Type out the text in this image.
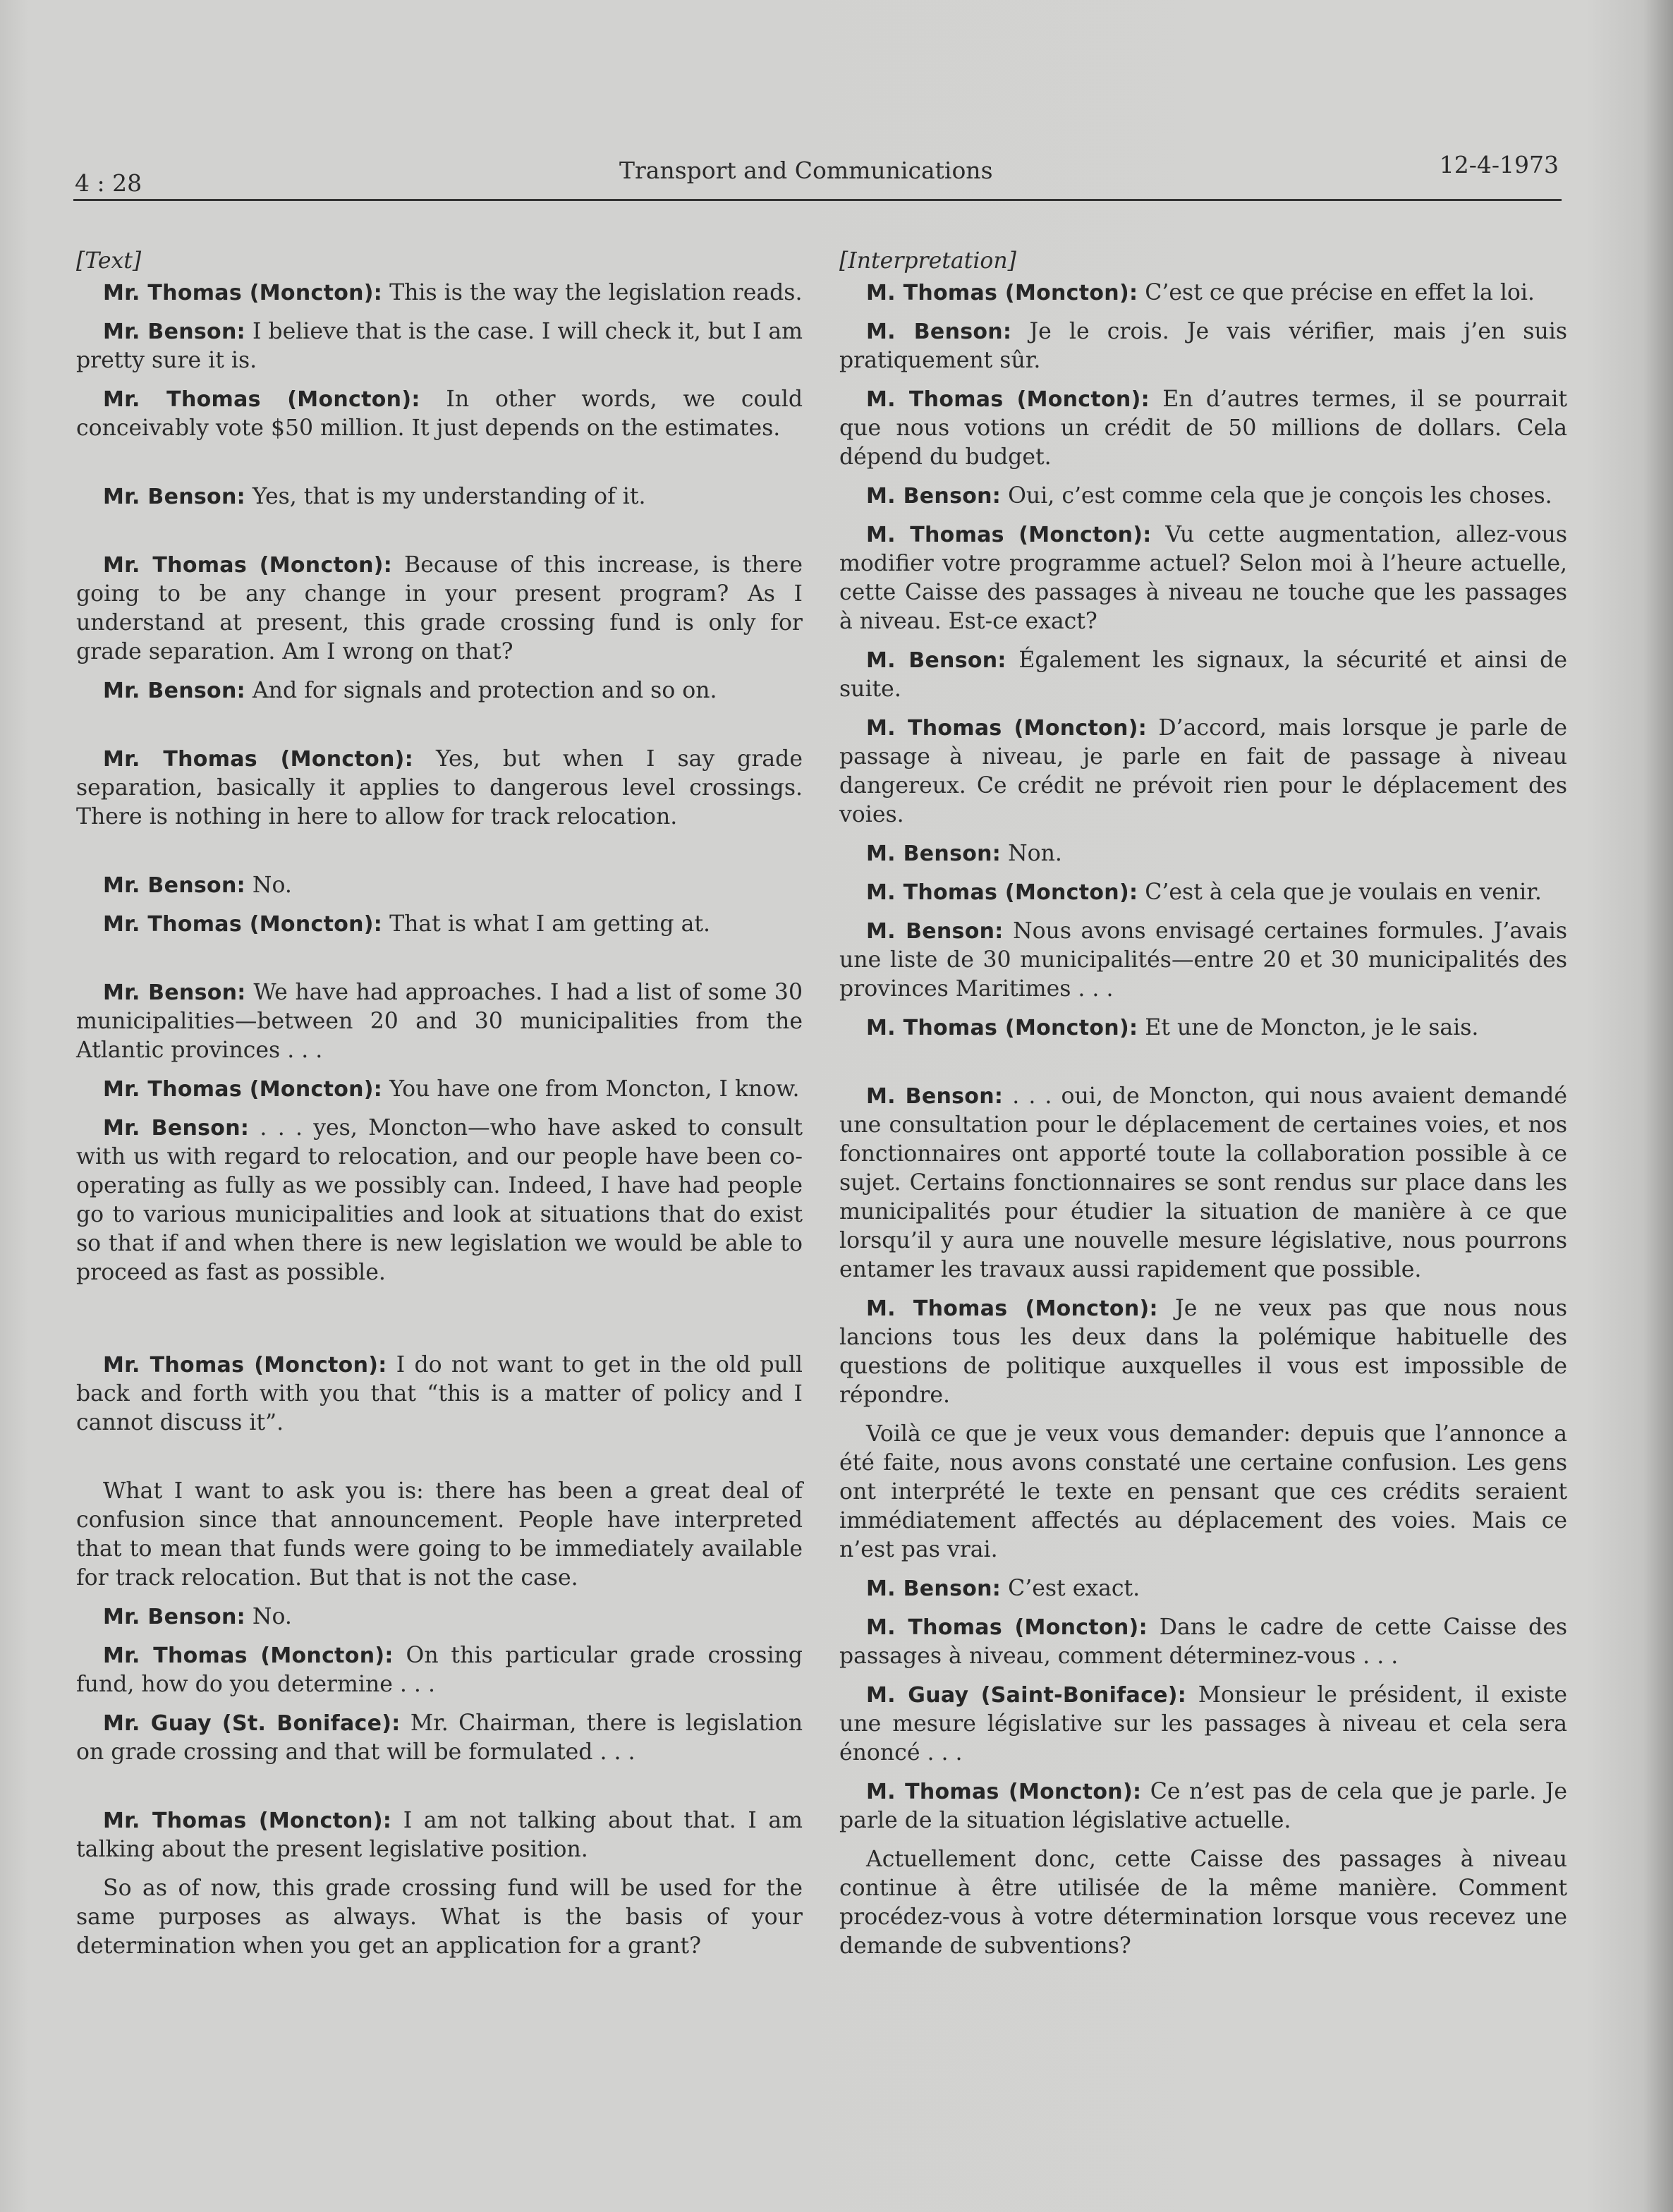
4 : 28	Transport and Communications	12-4-1973
[Text]

Mr. Thomas (Moncton): This is the way the legislation reads.

Mr. Benson: I believe that is the case. I will check it, but I am pretty sure it is.

Mr. Thomas (Moncton): In other words, we could conceivably vote $50 million. It just depends on the estimates.

Mr. Benson: Yes, that is my understanding of it.

Mr. Thomas (Moncton): Because of this increase, is there going to be any change in your present program? As I understand at present, this grade crossing fund is only for grade separation. Am I wrong on that?

Mr. Benson: And for signals and protection and so on.

Mr. Thomas (Moncton): Yes, but when I say grade separation, basically it applies to dangerous level crossings. There is nothing in here to allow for track relocation.

Mr. Benson: No.

Mr. Thomas (Moncton): That is what I am getting at.

Mr. Benson: We have had approaches. I had a list of some 30 municipalities—between 20 and 30 municipalities from the Atlantic provinces . . .

Mr. Thomas (Moncton): You have one from Moncton, I know.

Mr. Benson: . . . yes, Moncton—who have asked to consult with us with regard to relocation, and our people have been co-operating as fully as we possibly can. Indeed, I have had people go to various municipalities and look at situations that do exist so that if and when there is new legislation we would be able to proceed as fast as possible.

Mr. Thomas (Moncton): I do not want to get in the old pull back and forth with you that “this is a matter of policy and I cannot discuss it”.

What I want to ask you is: there has been a great deal of confusion since that announcement. People have interpreted that to mean that funds were going to be immediately available for track relocation. But that is not the case.

Mr. Benson: No.

Mr. Thomas (Moncton): On this particular grade crossing fund, how do you determine . . .

Mr. Guay (St. Boniface): Mr. Chairman, there is legislation on grade crossing and that will be formulated . . .

Mr. Thomas (Moncton): I am not talking about that. I am talking about the present legislative position.

So as of now, this grade crossing fund will be used for the same purposes as always. What is the basis of your determination when you get an application for a grant?

[Interpretation]

M. Thomas (Moncton): C’est ce que précise en effet la loi.

M. Benson: Je le crois. Je vais vérifier, mais j’en suis pratiquement sûr.

M. Thomas (Moncton): En d’autres termes, il se pourrait que nous votions un crédit de 50 millions de dollars. Cela dépend du budget.

M. Benson: Oui, c’est comme cela que je conçois les choses.

M. Thomas (Moncton): Vu cette augmentation, allez-vous modifier votre programme actuel? Selon moi à l’heure actuelle, cette Caisse des passages à niveau ne touche que les passages à niveau. Est-ce exact?

M. Benson: Également les signaux, la sécurité et ainsi de suite.

M. Thomas (Moncton): D’accord, mais lorsque je parle de passage à niveau, je parle en fait de passage à niveau dangereux. Ce crédit ne prévoit rien pour le déplacement des voies.

M. Benson: Non.

M. Thomas (Moncton): C’est à cela que je voulais en venir.

M. Benson: Nous avons envisagé certaines formules. J’avais une liste de 30 municipalités—entre 20 et 30 municipalités des provinces Maritimes . . .

M. Thomas (Moncton): Et une de Moncton, je le sais.

M. Benson: . . . oui, de Moncton, qui nous avaient demandé une consultation pour le déplacement de certaines voies, et nos fonctionnaires ont apporté toute la collaboration possible à ce sujet. Certains fonctionnaires se sont rendus sur place dans les municipalités pour étudier la situation de manière à ce que lorsqu’il y aura une nouvelle mesure législative, nous pourrons entamer les travaux aussi rapidement que possible.

M. Thomas (Moncton): Je ne veux pas que nous nous lancions tous les deux dans la polémique habituelle des questions de politique auxquelles il vous est impossible de répondre.

Voilà ce que je veux vous demander: depuis que l’annonce a été faite, nous avons constaté une certaine confusion. Les gens ont interprété le texte en pensant que ces crédits seraient immédiatement affectés au déplacement des voies. Mais ce n’est pas vrai.

M. Benson: C’est exact.

M. Thomas (Moncton): Dans le cadre de cette Caisse des passages à niveau, comment déterminez-vous . . .

M. Guay (Saint-Boniface): Monsieur le président, il existe une mesure législative sur les passages à niveau et cela sera énoncé . . .

M. Thomas (Moncton): Ce n’est pas de cela que je parle. Je parle de la situation législative actuelle.

Actuellement donc, cette Caisse des passages à niveau continue à être utilisée de la même manière. Comment procédez-vous à votre détermination lorsque vous recevez une demande de subventions?
